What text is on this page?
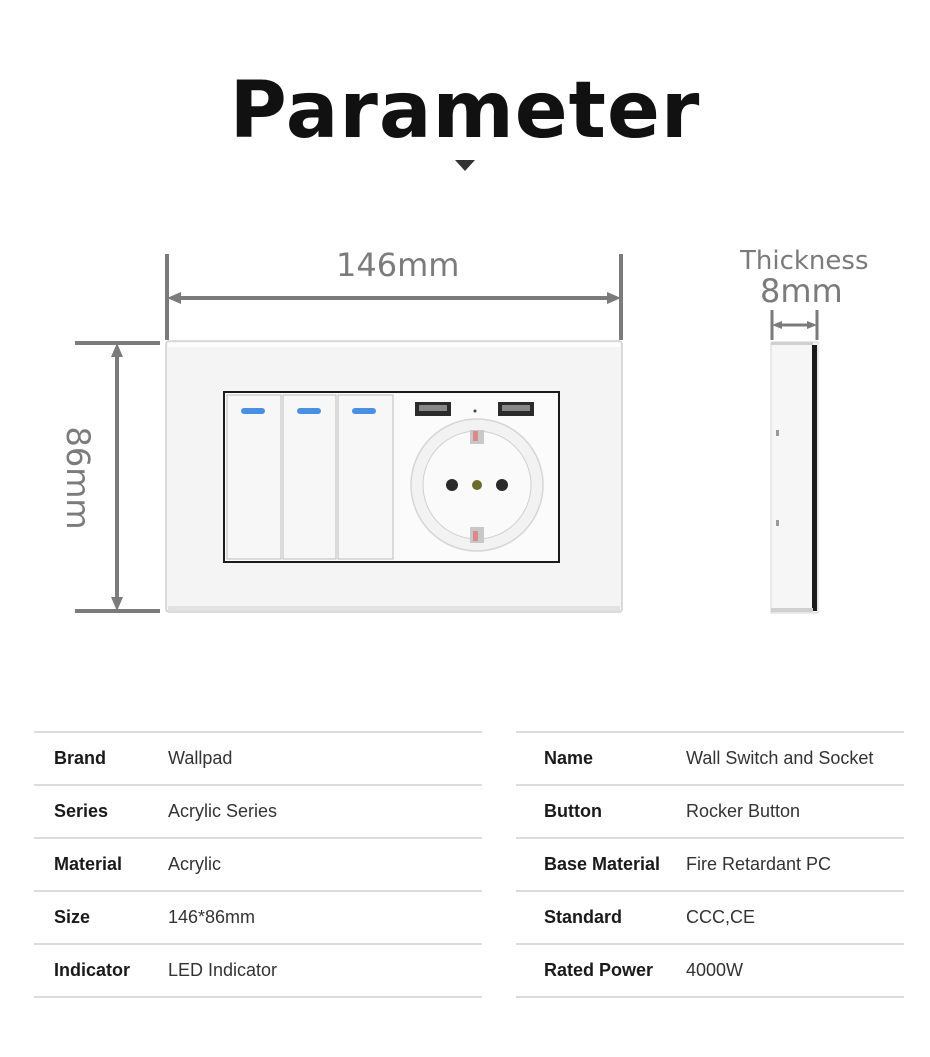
Parameter
146mm
86mm
Thickness
8mm
Brand	Wallpad
Series	Acrylic Series
Material	Acrylic
Size	146*86mm
Indicator	LED Indicator
Name	Wall Switch and Socket
Button	Rocker Button
Base Material	Fire Retardant PC
Standard	CCC,CE
Rated Power	4000W
